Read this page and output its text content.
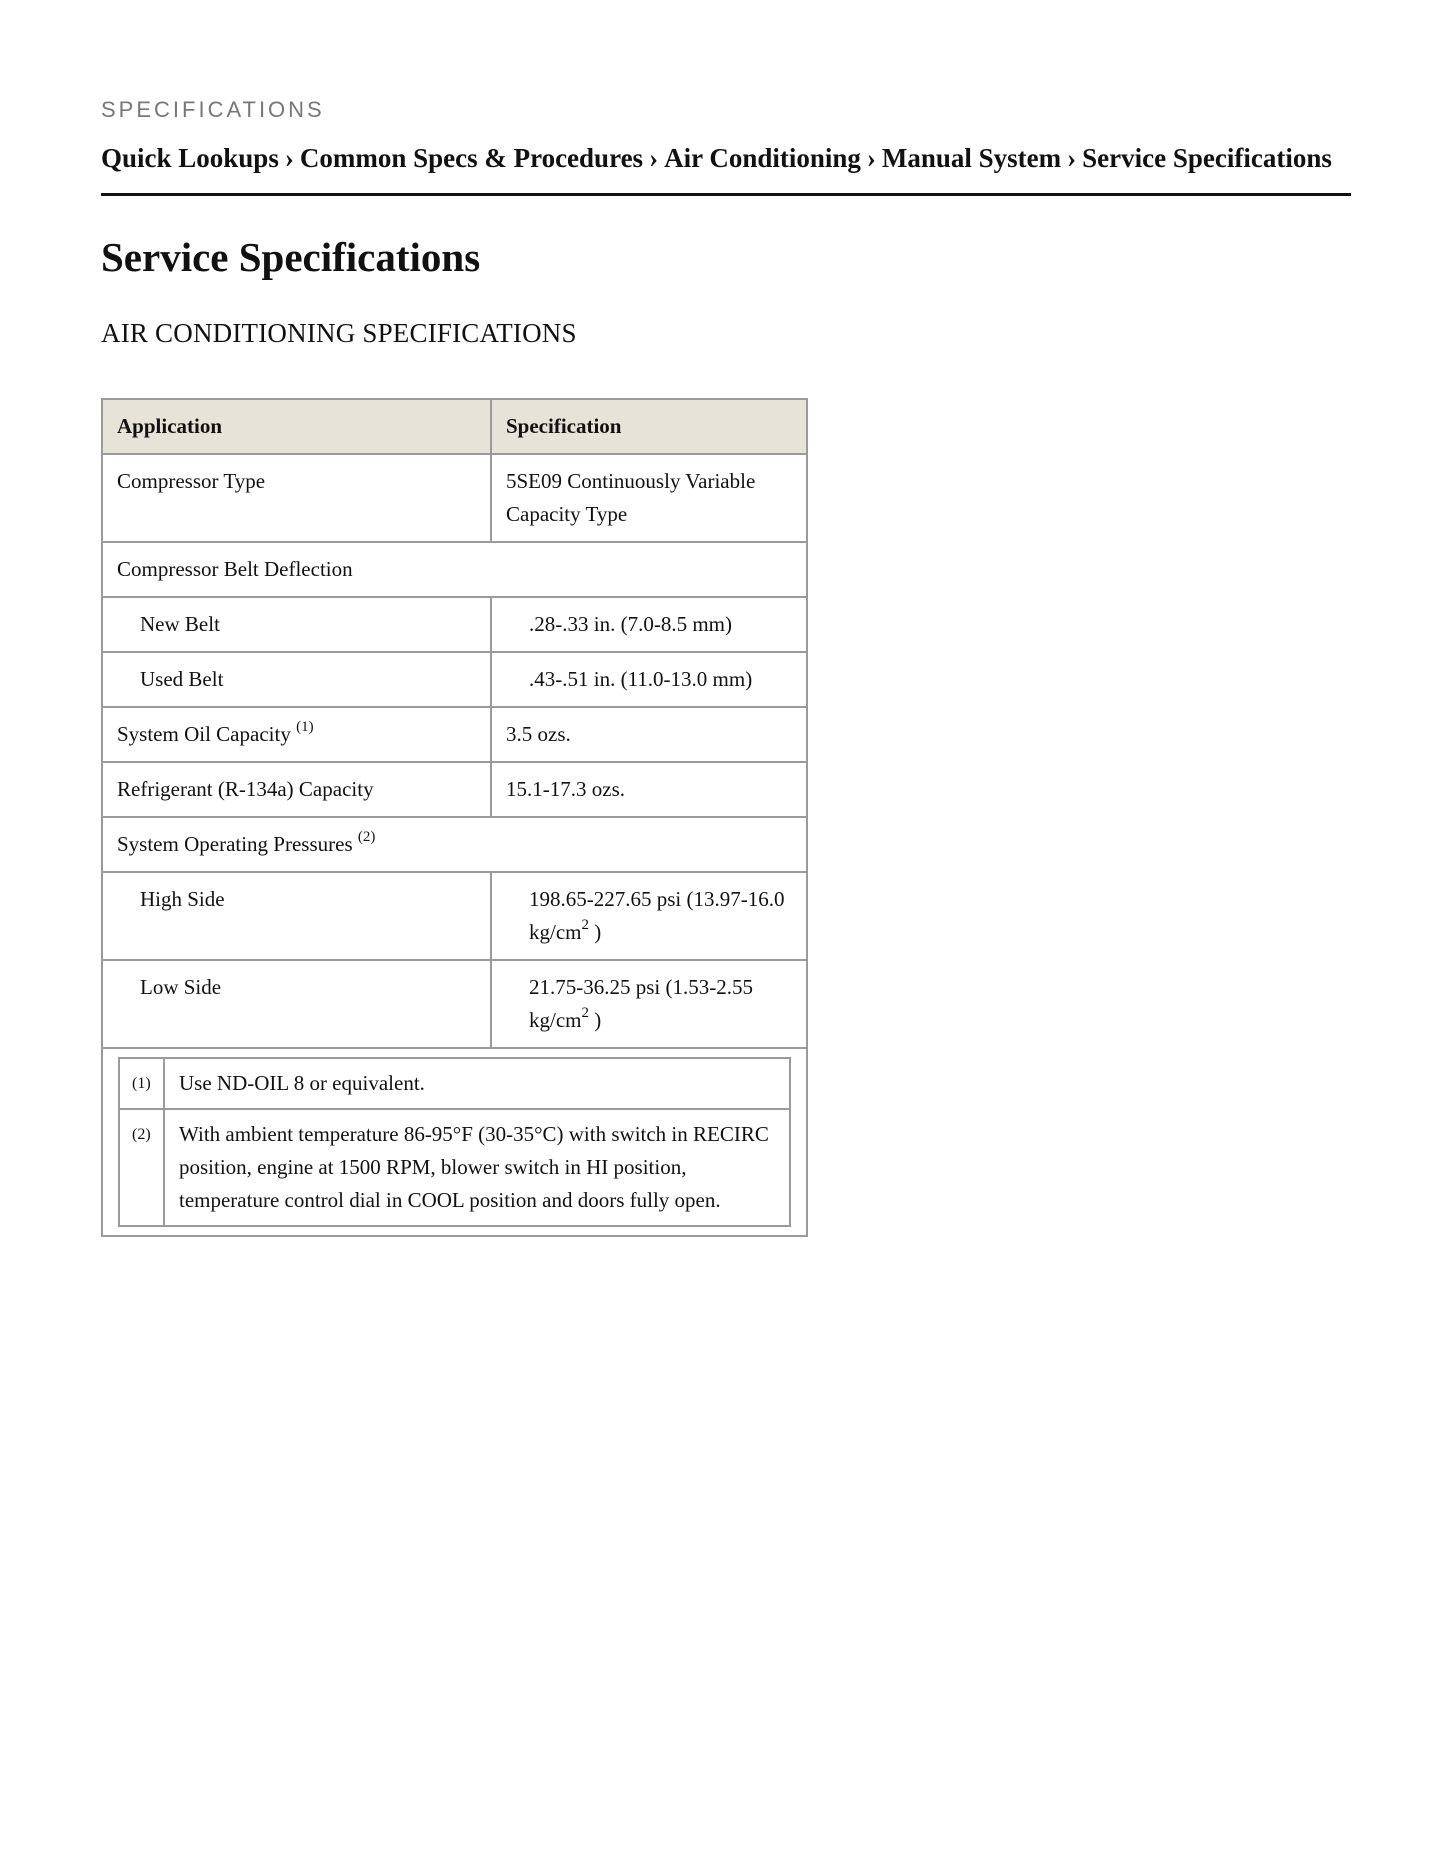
SPECIFICATIONS
Quick Lookups › Common Specs & Procedures › Air Conditioning › Manual System › Service Specifications
Service Specifications
AIR CONDITIONING SPECIFICATIONS
Application	Specification
Compressor Type	5SE09 Continuously Variable Capacity Type
Compressor Belt Deflection
New Belt	.28-.33 in. (7.0-8.5 mm)
Used Belt	.43-.51 in. (11.0-13.0 mm)
System Oil Capacity $^{(1)}$	3.5 ozs.
Refrigerant (R-134a) Capacity	15.1-17.3 ozs.
System Operating Pressures $^{(2)}$
High Side	198.65-227.65 psi (13.97-16.0 $kg/cm^2$ )
Low Side	21.75-36.25 psi (1.53-2.55 $kg/cm^2$ )

(1)	Use ND-OIL 8 or equivalent.
(2)	With ambient temperature 86-95°F (30-35°C) with switch in RECIRC position, engine at 1500 RPM, blower switch in HI position, temperature control dial in COOL position and doors fully open.
